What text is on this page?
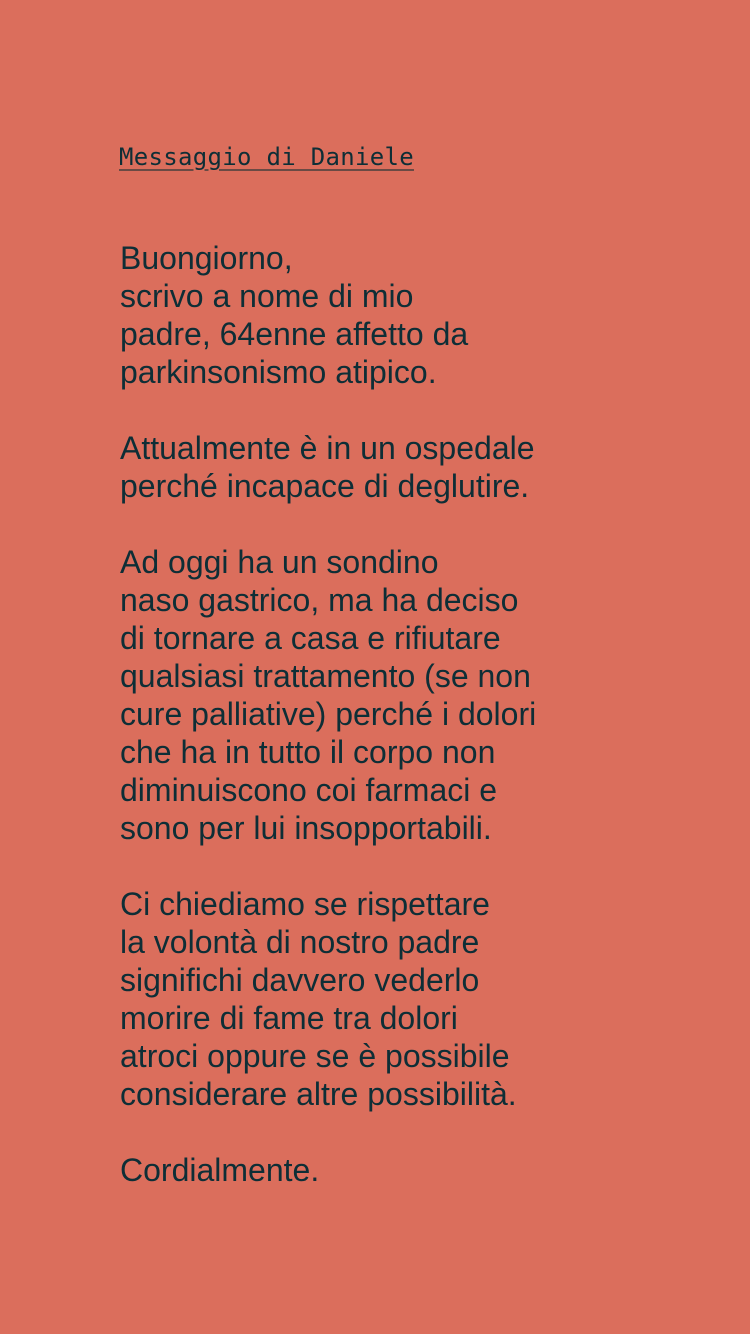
Messaggio di Daniele

Buongiorno,
scrivo a nome di mio
padre, 64enne affetto da
parkinsonismo atipico.

Attualmente è in un ospedale
perché incapace di deglutire.

Ad oggi ha un sondino
naso gastrico, ma ha deciso
di tornare a casa e rifiutare
qualsiasi trattamento (se non
cure palliative) perché i dolori
che ha in tutto il corpo non
diminuiscono coi farmaci e
sono per lui insopportabili.

Ci chiediamo se rispettare
la volontà di nostro padre
significhi davvero vederlo
morire di fame tra dolori
atroci oppure se è possibile
considerare altre possibilità.

Cordialmente.
